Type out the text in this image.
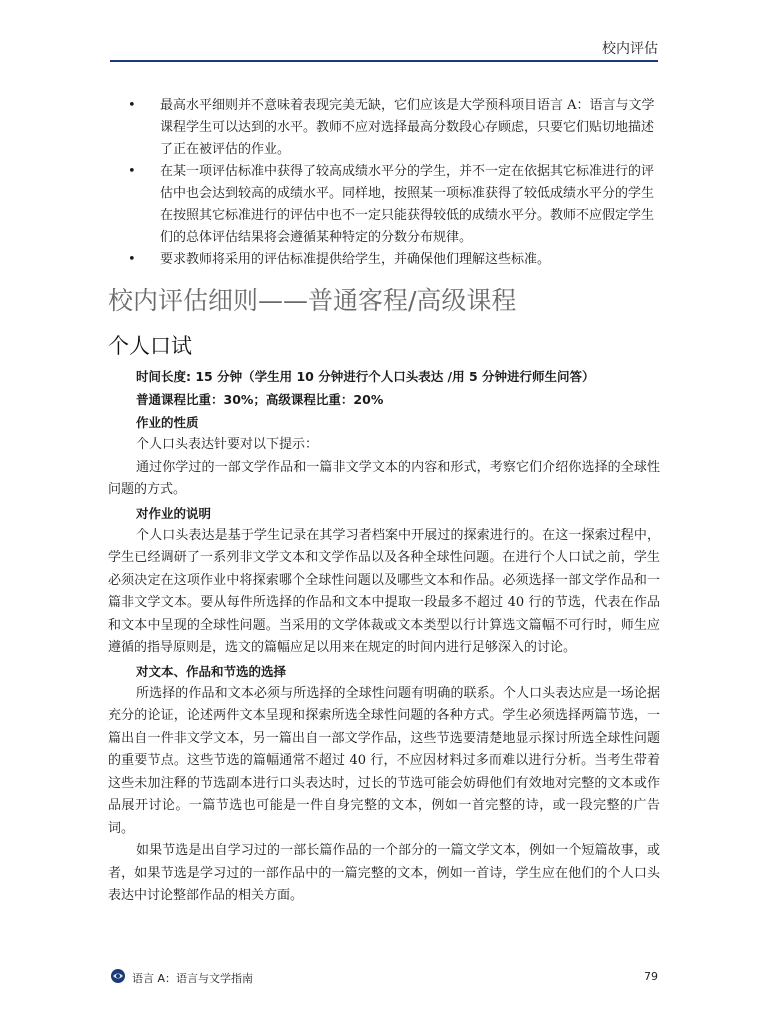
校内评估
• 最高水平细则并不意味着表现完美无缺，它们应该是大学预科项目语言 A：语言与文学课程学生可以达到的水平。教师不应对选择最高分数段心存顾虑，只要它们贴切地描述了正在被评估的作业。
• 在某一项评估标准中获得了较高成绩水平分的学生，并不一定在依据其它标准进行的评估中也会达到较高的成绩水平。同样地，按照某一项标准获得了较低成绩水平分的学生在按照其它标准进行的评估中也不一定只能获得较低的成绩水平分。教师不应假定学生们的总体评估结果将会遵循某种特定的分数分布规律。
• 要求教师将采用的评估标准提供给学生，并确保他们理解这些标准。
校内评估细则——普通客程/高级课程
个人口试
时间长度: 15 分钟（学生用 10 分钟进行个人口头表达 /用 5 分钟进行师生问答）
普通课程比重：30%；高级课程比重：20%
作业的性质

个人口头表达针要对以下提示：

通过你学过的一部文学作品和一篇非文学文本的内容和形式，考察它们介绍你选择的全球性问题的方式。

对作业的说明

个人口头表达是基于学生记录在其学习者档案中开展过的探索进行的。在这一探索过程中，学生已经调研了一系列非文学文本和文学作品以及各种全球性问题。在进行个人口试之前，学生必须决定在这项作业中将探索哪个全球性问题以及哪些文本和作品。必须选择一部文学作品和一篇非文学文本。要从每件所选择的作品和文本中提取一段最多不超过 40 行的节选，代表在作品和文本中呈现的全球性问题。当采用的文学体裁或文本类型以行计算选文篇幅不可行时，师生应遵循的指导原则是，选文的篇幅应足以用来在规定的时间内进行足够深入的讨论。

对文本、作品和节选的选择

所选择的作品和文本必须与所选择的全球性问题有明确的联系。个人口头表达应是一场论据充分的论证，论述两件文本呈现和探索所选全球性问题的各种方式。学生必须选择两篇节选，一篇出自一件非文学文本，另一篇出自一部文学作品，这些节选要清楚地显示探讨所选全球性问题的重要节点。这些节选的篇幅通常不超过 40 行，不应因材料过多而难以进行分析。当考生带着这些未加注释的节选副本进行口头表达时，过长的节选可能会妨碍他们有效地对完整的文本或作品展开讨论。一篇节选也可能是一件自身完整的文本，例如一首完整的诗，或一段完整的广告词。

如果节选是出自学习过的一部长篇作品的一个部分的一篇文学文本，例如一个短篇故事，或者，如果节选是学习过的一部作品中的一篇完整的文本，例如一首诗，学生应在他们的个人口头表达中讨论整部作品的相关方面。

语言 A：语言与文学指南	79
